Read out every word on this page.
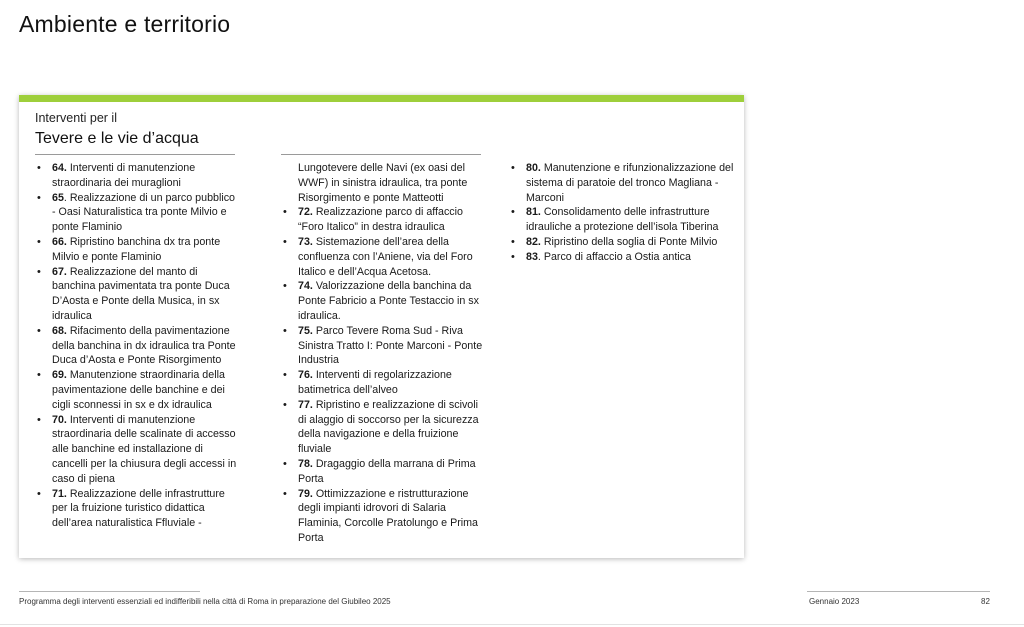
Ambiente e territorio
Interventi per il
Tevere e le vie d’acqua
• 64. Interventi di manutenzione straordinaria dei muraglioni
• 65. Realizzazione di un parco pubblico - Oasi Naturalistica tra ponte Milvio e ponte Flaminio
• 66. Ripristino banchina dx tra ponte Milvio e ponte Flaminio
• 67. Realizzazione del manto di banchina pavimentata tra ponte Duca D’Aosta e Ponte della Musica, in sx idraulica
• 68. Rifacimento della pavimentazione della banchina in dx idraulica tra Ponte Duca d’Aosta e Ponte Risorgimento
• 69. Manutenzione straordinaria della pavimentazione delle banchine e dei cigli sconnessi in sx e dx idraulica
• 70. Interventi di manutenzione straordinaria delle scalinate di accesso alle banchine ed installazione di cancelli per la chiusura degli accessi in caso di piena
• 71. Realizzazione delle infrastrutture per la fruizione turistico didattica dell’area naturalistica Ffluviale -
Lungotevere delle Navi (ex oasi del WWF) in sinistra idraulica, tra ponte Risorgimento e ponte Matteotti
• 72. Realizzazione parco di affaccio “Foro Italico” in destra idraulica
• 73. Sistemazione dell’area della confluenza con l’Aniene, via del Foro Italico e dell’Acqua Acetosa.
• 74. Valorizzazione della banchina da Ponte Fabricio a Ponte Testaccio in sx idraulica.
• 75. Parco Tevere Roma Sud - Riva Sinistra Tratto I: Ponte Marconi - Ponte Industria
• 76. Interventi di regolarizzazione batimetrica dell’alveo
• 77. Ripristino e realizzazione di scivoli di alaggio di soccorso per la sicurezza della navigazione e della fruizione fluviale
• 78. Dragaggio della marrana di Prima Porta
• 79. Ottimizzazione e ristrutturazione degli impianti idrovori di Salaria Flaminia, Corcolle Pratolungo e Prima Porta
• 80. Manutenzione e rifunzionalizzazione del sistema di paratoie del tronco Magliana - Marconi
• 81. Consolidamento delle infrastrutture idrauliche a protezione dell’isola Tiberina
• 82. Ripristino della soglia di Ponte Milvio
• 83. Parco di affaccio a Ostia antica
Programma degli interventi essenziali ed indifferibili nella città di Roma in preparazione del Giubileo 2025	Gennaio 2023	82
